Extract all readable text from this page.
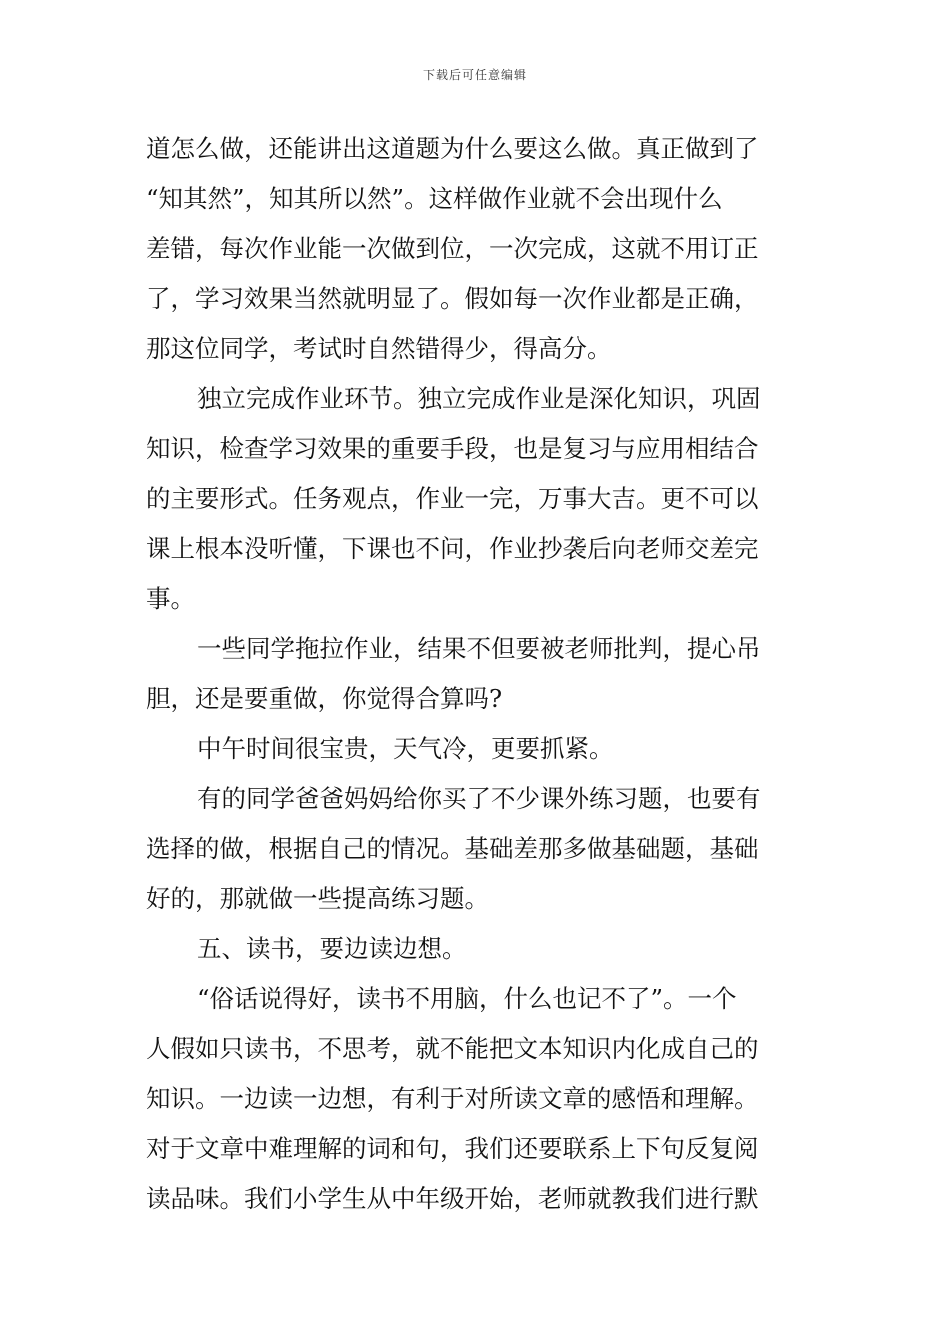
下载后可任意编辑
道怎么做，还能讲出这道题为什么要这么做。真正做到了
“知其然”，知其所以然”。这样做作业就不会出现什么
差错，每次作业能一次做到位，一次完成，这就不用订正
了，学习效果当然就明显了。假如每一次作业都是正确，
那这位同学，考试时自然错得少，得高分。
独立完成作业环节。独立完成作业是深化知识，巩固
知识，检查学习效果的重要手段，也是复习与应用相结合
的主要形式。任务观点，作业一完，万事大吉。更不可以
课上根本没听懂，下课也不问，作业抄袭后向老师交差完
事。
一些同学拖拉作业，结果不但要被老师批判，提心吊
胆，还是要重做，你觉得合算吗?
中午时间很宝贵，天气冷，更要抓紧。
有的同学爸爸妈妈给你买了不少课外练习题，也要有
选择的做，根据自己的情况。基础差那多做基础题，基础
好的，那就做一些提高练习题。
五、读书，要边读边想。
“俗话说得好，读书不用脑，什么也记不了”。一个
人假如只读书，不思考，就不能把文本知识内化成自己的
知识。一边读一边想，有利于对所读文章的感悟和理解。
对于文章中难理解的词和句，我们还要联系上下句反复阅
读品味。我们小学生从中年级开始，老师就教我们进行默
